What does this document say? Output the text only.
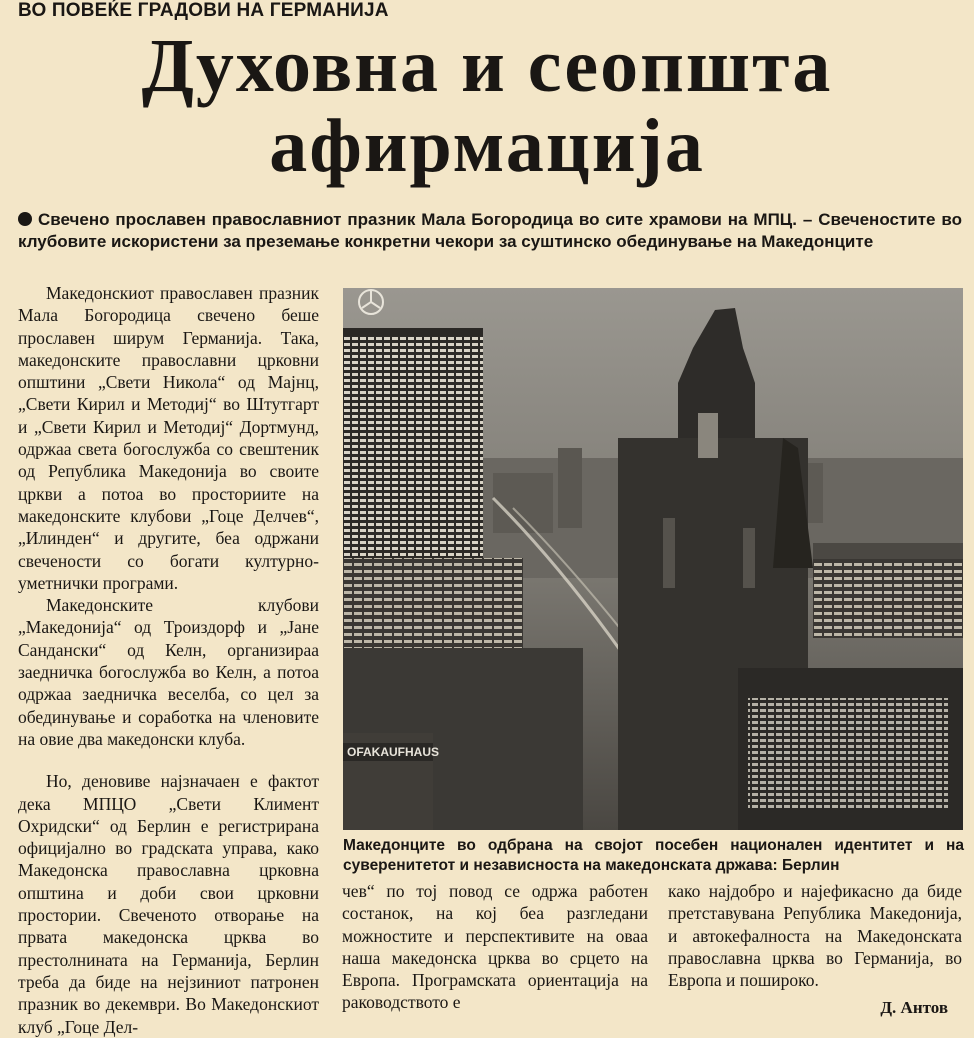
ВО ПОВЕЌЕ ГРАДОВИ НА ГЕРМАНИЈА
Духовна и сеопшта
афирмација
Свечено прославен православниот празник Мала Богородица во сите храмови на МПЦ. – Свеченостите во клубовите искористени за преземање конкретни чекори за суштинско обединување на Македонците

Македонскиот православен празник Мала Богородица свечено беше прославен ширум Германија. Така, македонските православни црковни општини „Свети Никола“ од Мајнц, „Свети Кирил и Методиј“ во Штутгарт и „Свети Кирил и Методиј“ Дортмунд, одржаа света богослужба со свештеник од Република Македонија во своите цркви а потоа во просториите на македонските клубови „Гоце Делчев“, „Илинден“ и другите, беа одржани свечености со богати културно-уметнички програми.

Македонските клубови „Македонија“ од Троиздорф и „Јане Сандански“ од Келн, организираа заедничка богослужба во Келн, а потоа одржаа заедничка веселба, со цел за обединување и соработка на членовите на овие два македонски клуба.

Но, деновиве најзначаен е фактот дека МПЦО „Свети Климент Охридски“ од Берлин е регистрирана официјално во градската управа, како Македонска православна црковна општина и доби свои црковни простории. Свеченото отворање на првата македонска црква во престолнината на Германија, Берлин треба да биде на нејзиниот патронен празник во декември. Во Македонскиот клуб „Гоце Дел-

OFAKAUFHAUS
Македонците во одбрана на својот посебен национален идентитет и на суверенитетот и независноста на македонската држава: Берлин

чев“ по тој повод се одржа работен состанок, на кој беа разгледани можностите и перспективите на оваа наша македонска црква во срцето на Европа. Програмската ориентација на раководството е

како најдобро и најефикасно да биде претставувана Република Македонија, и автокефалноста на Македонската православна црква во Германија, во Европа и пошироко.

Д. Антов
